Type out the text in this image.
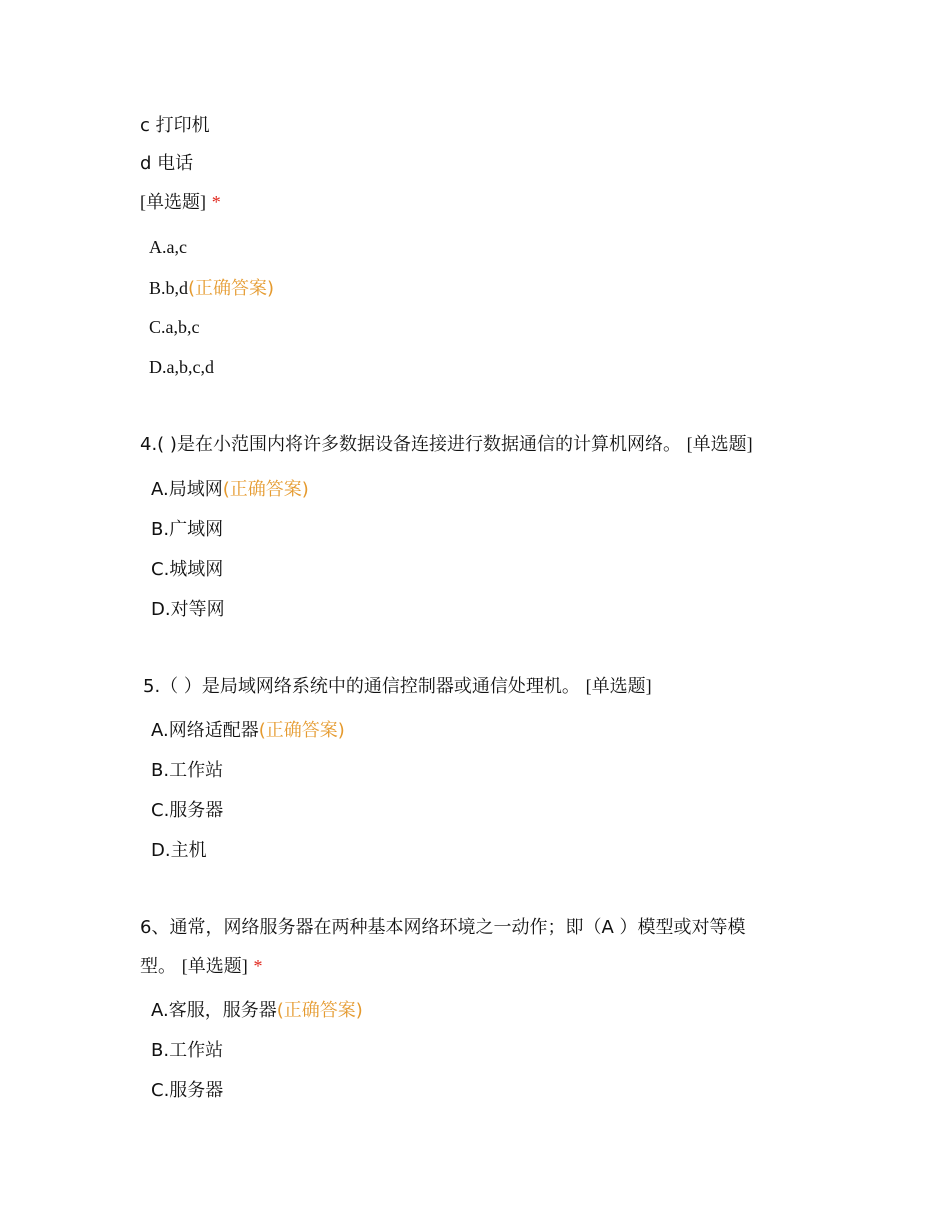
c 打印机
d 电话
[单选题] *
A.a,c
B.b,d(正确答案)
C.a,b,c
D.a,b,c,d
4.( )是在小范围内将许多数据设备连接进行数据通信的计算机网络。 [单选题]
A.局域网(正确答案)
B.广域网
C.城域网
D.对等网
5.（ ）是局域网络系统中的通信控制器或通信处理机。 [单选题]
A.网络适配器(正确答案)
B.工作站
C.服务器
D.主机
6、通常，网络服务器在两种基本网络环境之一动作；即（A ）模型或对等模
型。 [单选题] *
A.客服，服务器(正确答案)
B.工作站
C.服务器
